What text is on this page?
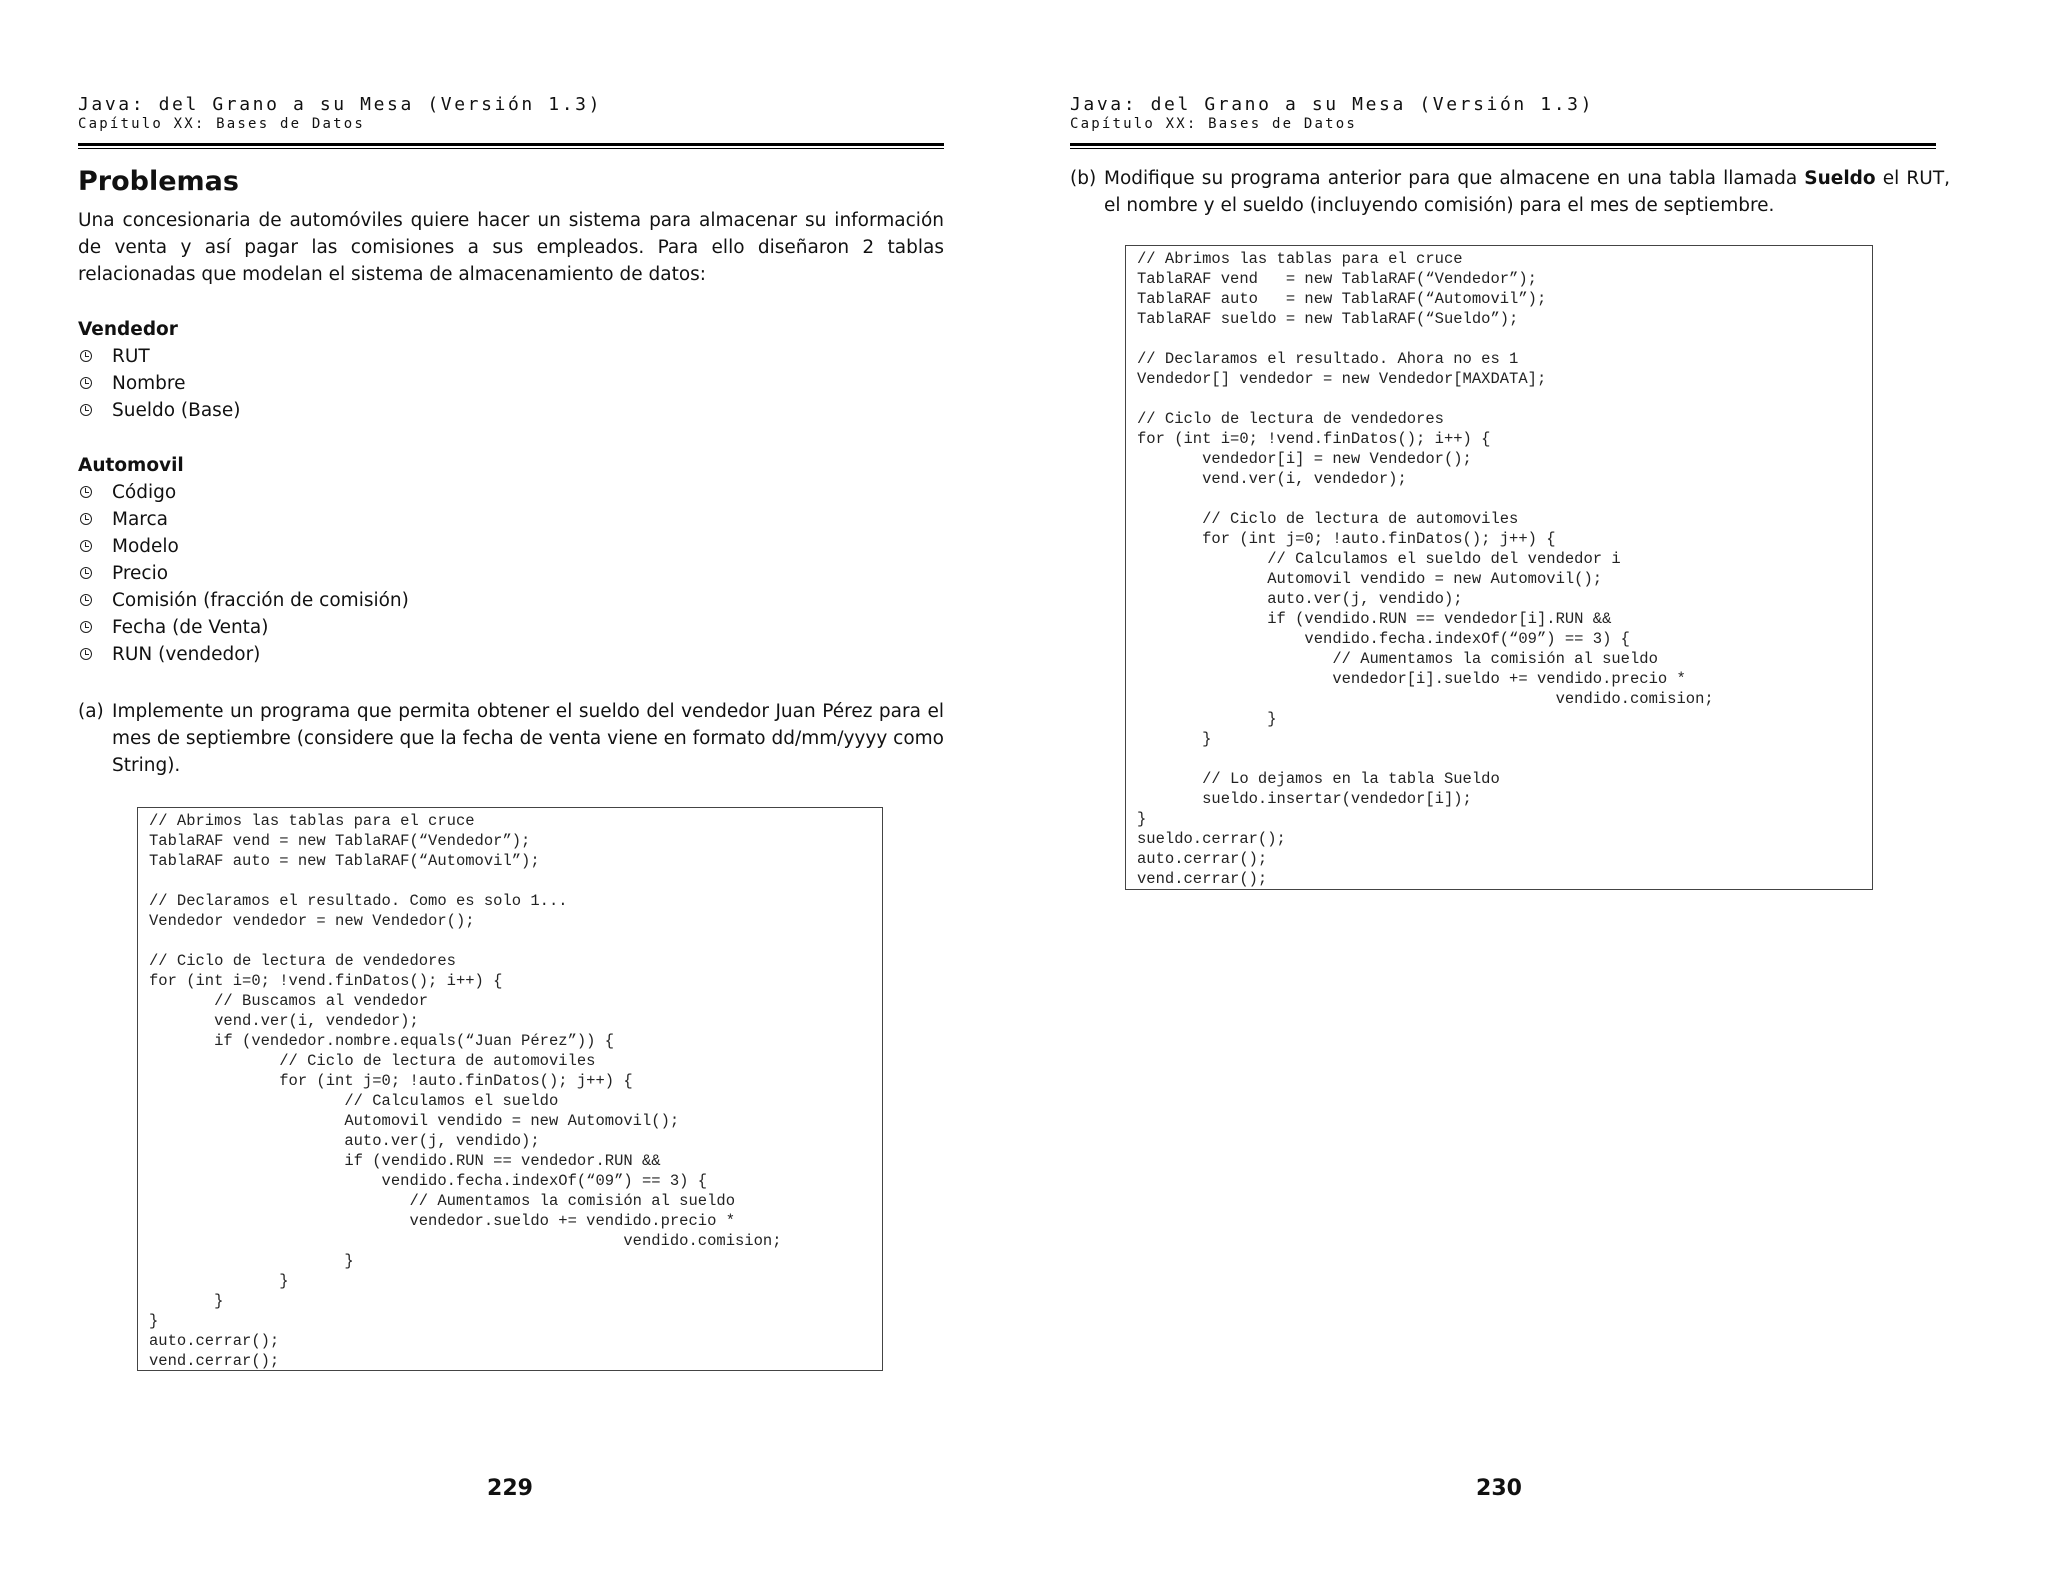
Java: del Grano a su Mesa (Versión 1.3)
Capítulo XX: Bases de Datos
Problemas

Una concesionaria de automóviles quiere hacer un sistema para almacenar su información de venta y así pagar las comisiones a sus empleados. Para ello diseñaron 2 tablas relacionadas que modelan el sistema de almacenamiento de datos:

Vendedor
RUT
Nombre
Sueldo (Base)
Automovil
Código
Marca
Modelo
Precio
Comisión (fracción de comisión)
Fecha (de Venta)
RUN (vendedor)
(a) Implemente un programa que permita obtener el sueldo del vendedor Juan Pérez para el mes de septiembre (considere que la fecha de venta viene en formato dd/mm/yyyy como String).
// Abrimos las tablas para el cruce
TablaRAF vend = new TablaRAF(“Vendedor”);
TablaRAF auto = new TablaRAF(“Automovil”);

// Declaramos el resultado. Como es solo 1...
Vendedor vendedor = new Vendedor();

// Ciclo de lectura de vendedores
for (int i=0; !vend.finDatos(); i++) {
// Buscamos al vendedor
vend.ver(i, vendedor);
if (vendedor.nombre.equals(“Juan Pérez”)) {
// Ciclo de lectura de automoviles
for (int j=0; !auto.finDatos(); j++) {
// Calculamos el sueldo
Automovil vendido = new Automovil();
auto.ver(j, vendido);
if (vendido.RUN == vendedor.RUN &&
vendido.fecha.indexOf(“09”) == 3) {
// Aumentamos la comisión al sueldo
vendedor.sueldo += vendido.precio *
vendido.comision;
}
}
}
}
auto.cerrar();
vend.cerrar();
229
Java: del Grano a su Mesa (Versión 1.3)
Capítulo XX: Bases de Datos
(b) Modifique su programa anterior para que almacene en una tabla llamada Sueldo el RUT, el nombre y el sueldo (incluyendo comisión) para el mes de septiembre.
// Abrimos las tablas para el cruce
TablaRAF vend   = new TablaRAF(“Vendedor”);
TablaRAF auto   = new TablaRAF(“Automovil”);
TablaRAF sueldo = new TablaRAF(“Sueldo”);

// Declaramos el resultado. Ahora no es 1
Vendedor[] vendedor = new Vendedor[MAXDATA];

// Ciclo de lectura de vendedores
for (int i=0; !vend.finDatos(); i++) {
vendedor[i] = new Vendedor();
vend.ver(i, vendedor);

// Ciclo de lectura de automoviles
for (int j=0; !auto.finDatos(); j++) {
// Calculamos el sueldo del vendedor i
Automovil vendido = new Automovil();
auto.ver(j, vendido);
if (vendido.RUN == vendedor[i].RUN &&
vendido.fecha.indexOf(“09”) == 3) {
// Aumentamos la comisión al sueldo
vendedor[i].sueldo += vendido.precio *
vendido.comision;
}
}

// Lo dejamos en la tabla Sueldo
sueldo.insertar(vendedor[i]);
}
sueldo.cerrar();
auto.cerrar();
vend.cerrar();
230
